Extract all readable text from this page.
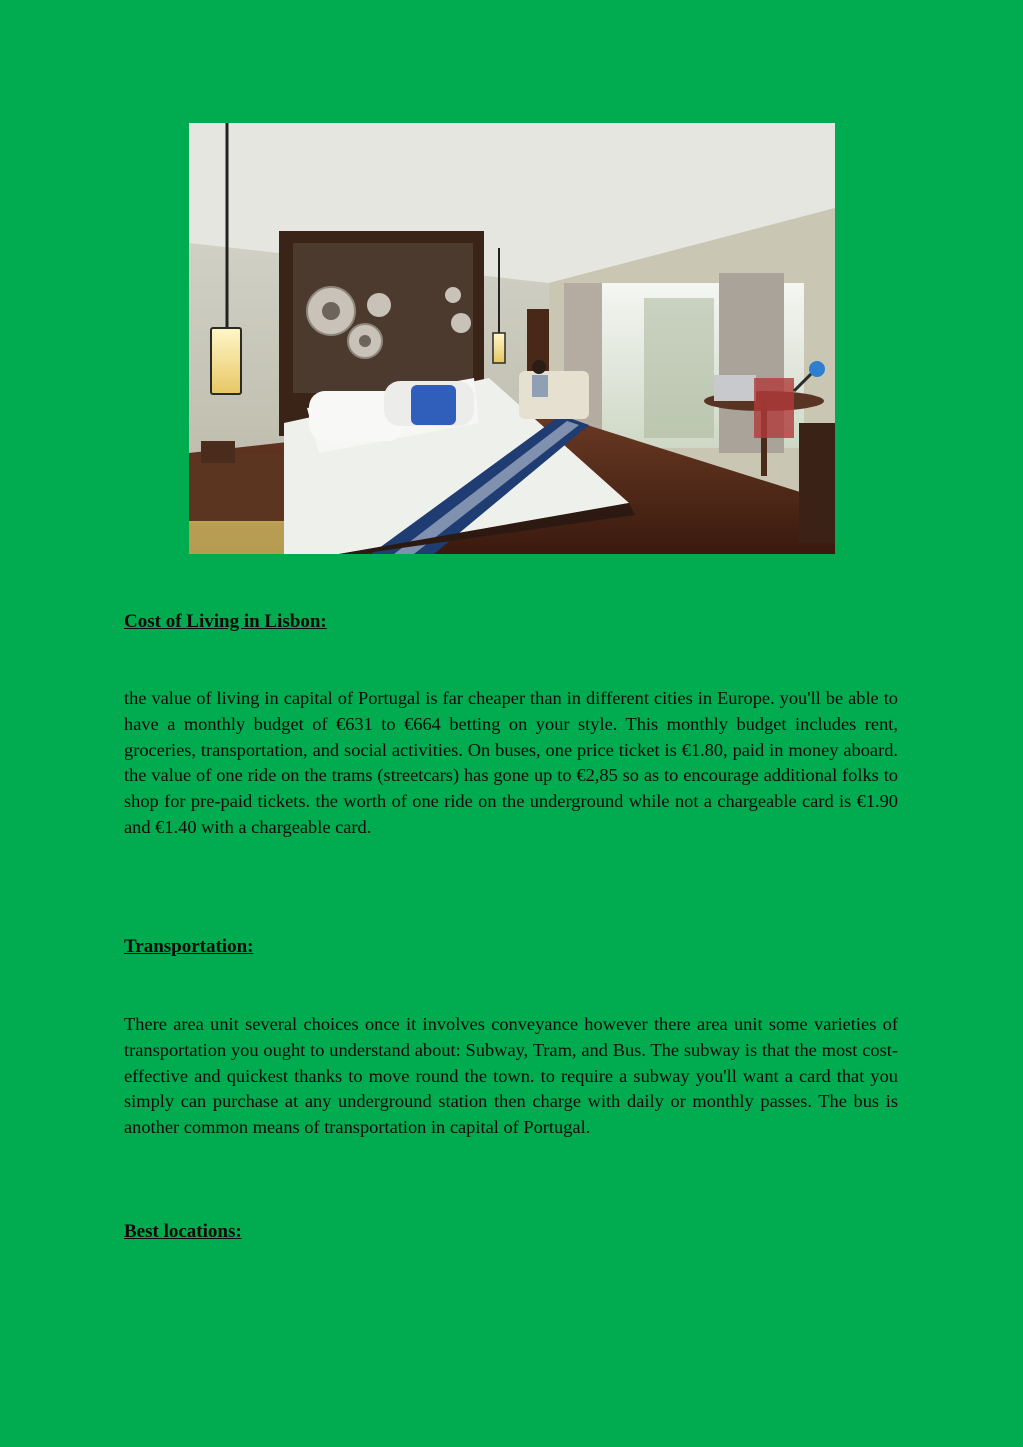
Cost of Living in Lisbon:

the value of living in capital of Portugal is far cheaper than in different cities in Europe. you'll be able to have a monthly budget of €631 to €664 betting on your style. This monthly budget includes rent, groceries, transportation, and social activities. On buses, one price ticket is €1.80, paid in money aboard. the value of one ride on the trams (streetcars) has gone up to €2,85 so as to encourage additional folks to shop for pre-paid tickets. the worth of one ride on the underground while not a chargeable card is €1.90 and €1.40 with a chargeable card.

Transportation:

There area unit several choices once it involves conveyance however there area unit some varieties of transportation you ought to understand about: Subway, Tram, and Bus. The subway is that the most cost-effective and quickest thanks to move round the town. to require a subway you'll want a card that you simply can purchase at any underground station then charge with daily or monthly passes. The bus is another common means of transportation in capital of Portugal.

Best locations:
